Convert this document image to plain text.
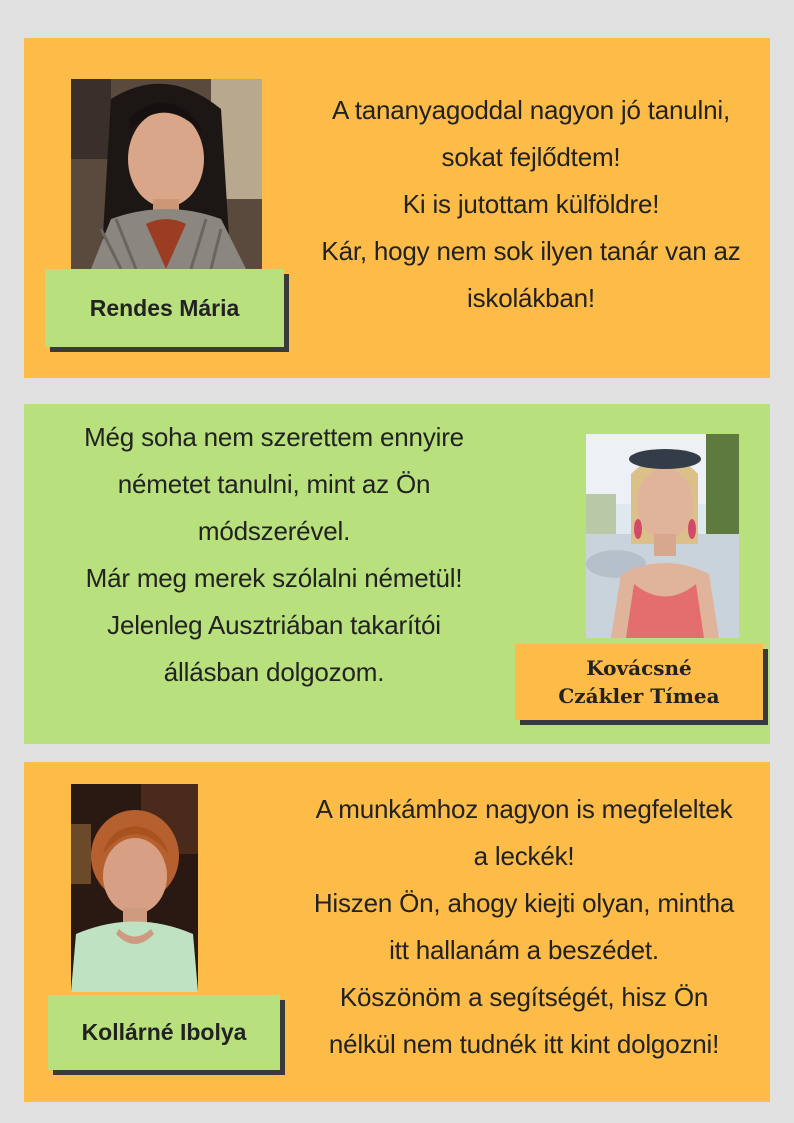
Rendes Mária
A tananyagoddal nagyon jó tanulni,
sokat fejlődtem!
Ki is jutottam külföldre!
Kár, hogy nem sok ilyen tanár van az
iskolákban!
Még soha nem szerettem ennyire
németet tanulni, mint az Ön
módszerével.
Már meg merek szólalni németül!
Jelenleg Ausztriában takarítói
állásban dolgozom.	Kovácsné
Czákler Tímea
Kollárné Ibolya
A munkámhoz nagyon is megfeleltek
a leckék!
Hiszen Ön, ahogy kiejti olyan, mintha
itt hallanám a beszédet.
Köszönöm a segítségét, hisz Ön
nélkül nem tudnék itt kint dolgozni!
